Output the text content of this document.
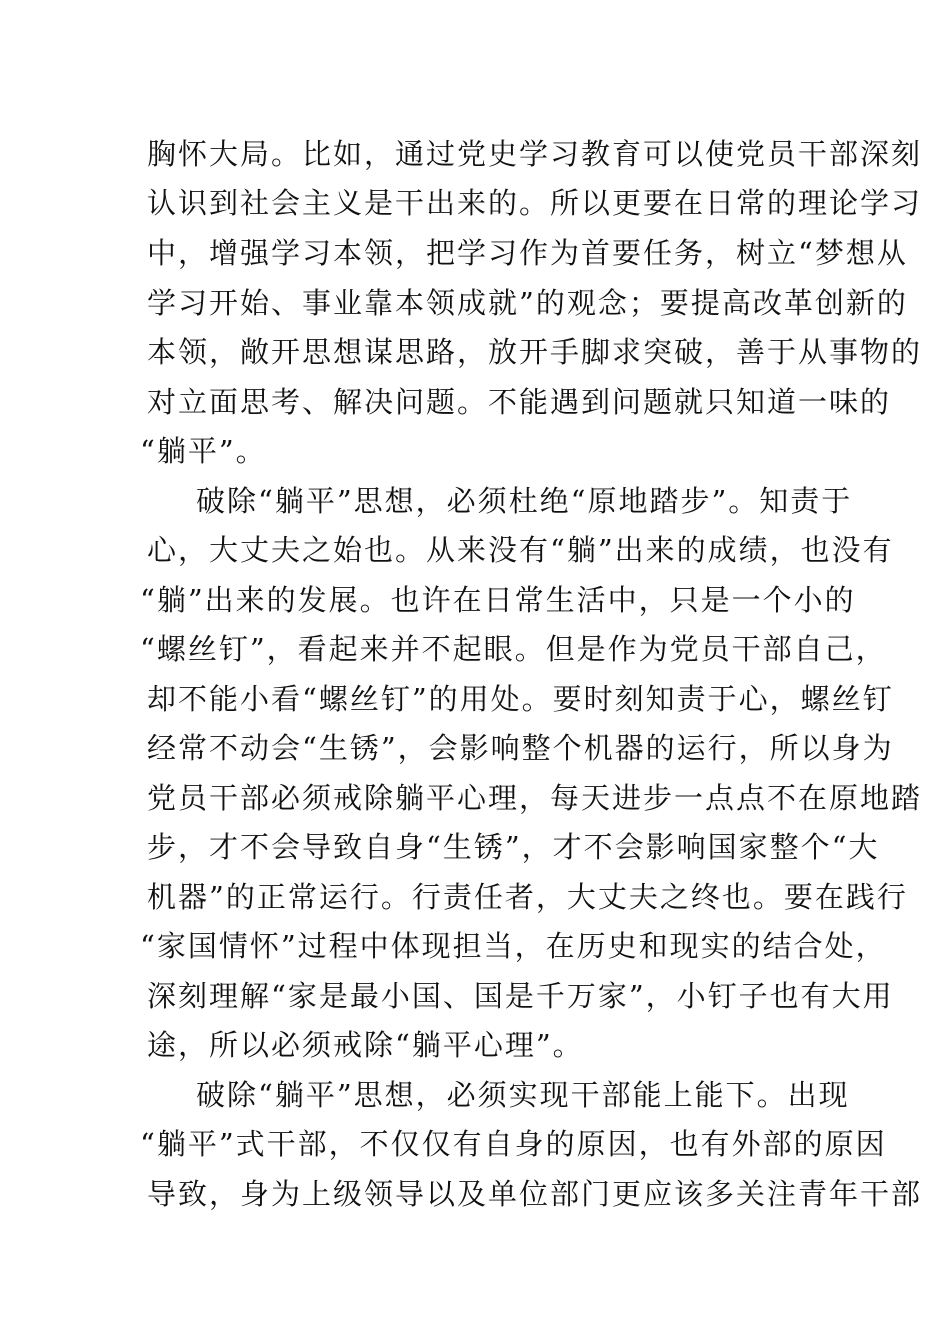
胸怀大局。比如，通过党史学习教育可以使党员干部深刻
认识到社会主义是干出来的。所以更要在日常的理论学习
中，增强学习本领，把学习作为首要任务，树立“梦想从
学习开始、事业靠本领成就”的观念；要提高改革创新的
本领，敞开思想谋思路，放开手脚求突破，善于从事物的
对立面思考、解决问题。不能遇到问题就只知道一味的
“躺平”。
破除“躺平”思想，必须杜绝“原地踏步”。知责于
心，大丈夫之始也。从来没有“躺”出来的成绩，也没有
“躺”出来的发展。也许在日常生活中，只是一个小的
“螺丝钉”，看起来并不起眼。但是作为党员干部自己，
却不能小看“螺丝钉”的用处。要时刻知责于心，螺丝钉
经常不动会“生锈”，会影响整个机器的运行，所以身为
党员干部必须戒除躺平心理，每天进步一点点不在原地踏
步，才不会导致自身“生锈”，才不会影响国家整个“大
机器”的正常运行。行责任者，大丈夫之终也。要在践行
“家国情怀”过程中体现担当，在历史和现实的结合处，
深刻理解“家是最小国、国是千万家”，小钉子也有大用
途，所以必须戒除“躺平心理”。
破除“躺平”思想，必须实现干部能上能下。出现
“躺平”式干部，不仅仅有自身的原因，也有外部的原因
导致，身为上级领导以及单位部门更应该多关注青年干部
